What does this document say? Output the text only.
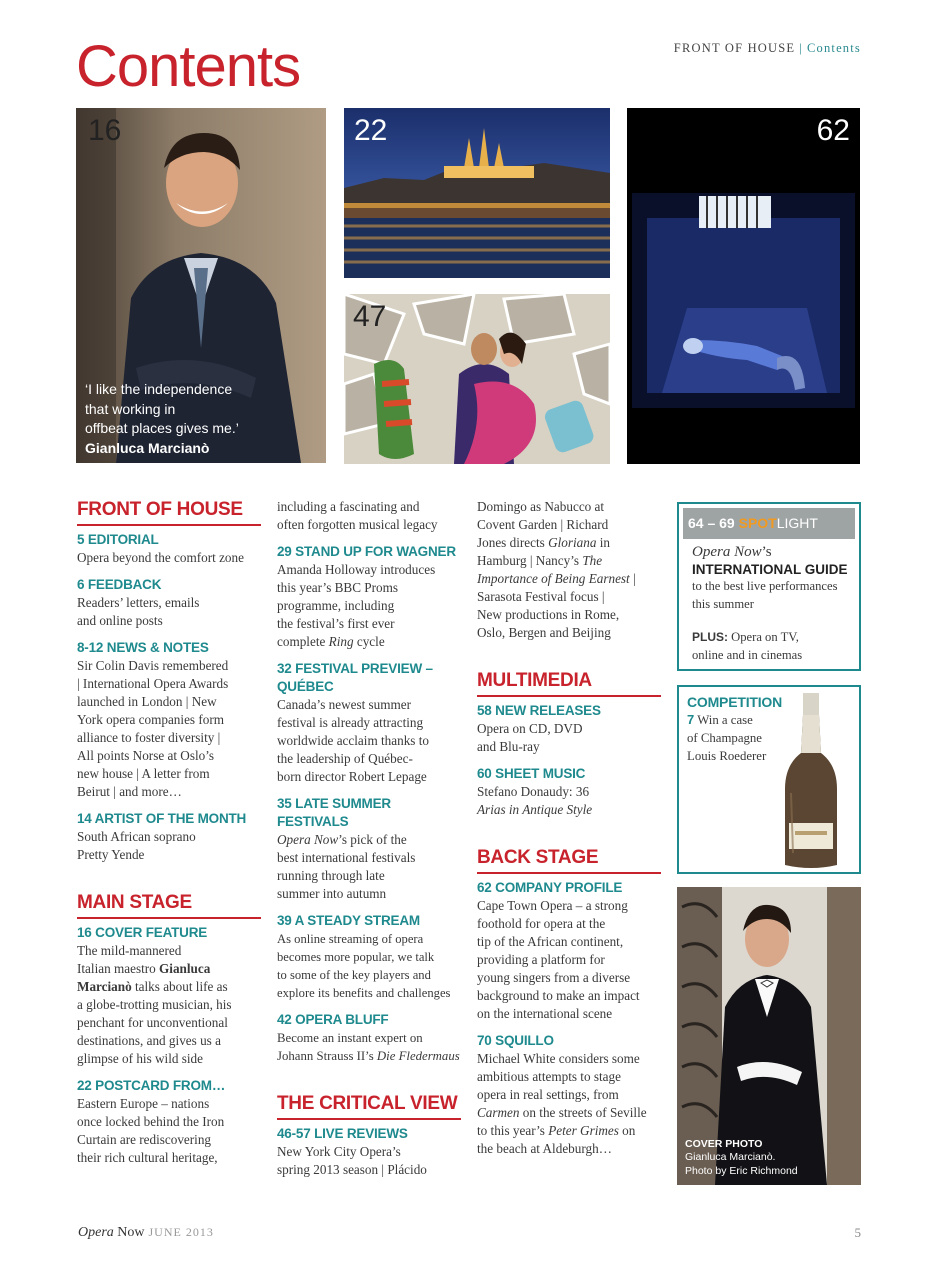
Contents	FRONT OF HOUSE | Contents
16
‘I like the independence
that working in
offbeat places gives me.’
Gianluca Marcianò
22
47
62
FRONT OF HOUSE
5 EDITORIAL
Opera beyond the comfort zone
6 FEEDBACK
Readers’ letters, emails
and online posts
8-12 NEWS & NOTES
Sir Colin Davis remembered
| International Opera Awards
launched in London | New
York opera companies form
alliance to foster diversity |
All points Norse at Oslo’s
new house | A letter from
Beirut | and more…
14 ARTIST OF THE MONTH
South African soprano
Pretty Yende
MAIN STAGE
16 COVER FEATURE
The mild-mannered
Italian maestro Gianluca
Marcianò talks about life as
a globe-trotting musician, his
penchant for unconventional
destinations, and gives us a
glimpse of his wild side
22 POSTCARD FROM…
Eastern Europe – nations
once locked behind the Iron
Curtain are rediscovering
their rich cultural heritage,
including a fascinating and
often forgotten musical legacy
29 STAND UP FOR WAGNER
Amanda Holloway introduces
this year’s BBC Proms
programme, including
the festival’s first ever
complete Ring cycle
32 FESTIVAL PREVIEW –
QUÉBEC
Canada’s newest summer
festival is already attracting
worldwide acclaim thanks to
the leadership of Québec-
born director Robert Lepage
35 LATE SUMMER FESTIVALS
Opera Now’s pick of the
best international festivals
running through late
summer into autumn
39 A STEADY STREAM
As online streaming of opera
becomes more popular, we talk
to some of the key players and
explore its benefits and challenges
42 OPERA BLUFF
Become an instant expert on
Johann Strauss II’s Die Fledermaus
THE CRITICAL VIEW
46-57 LIVE REVIEWS
New York City Opera’s
spring 2013 season | Plácido
Domingo as Nabucco at
Covent Garden | Richard
Jones directs Gloriana in
Hamburg | Nancy’s The
Importance of Being Earnest |
Sarasota Festival focus |
New productions in Rome,
Oslo, Bergen and Beijing
MULTIMEDIA
58 NEW RELEASES
Opera on CD, DVD
and Blu-ray
60 SHEET MUSIC
Stefano Donaudy: 36
Arias in Antique Style
BACK STAGE
62 COMPANY PROFILE
Cape Town Opera – a strong
foothold for opera at the
tip of the African continent,
providing a platform for
young singers from a diverse
background to make an impact
on the international scene
70 SQUILLO
Michael White considers some
ambitious attempts to stage
opera in real settings, from
Carmen on the streets of Seville
to this year’s Peter Grimes on
the beach at Aldeburgh…
64 – 69 SPOTLIGHT
Opera Now’s
INTERNATIONAL GUIDE
to the best live performances
this summer
PLUS: Opera on TV,
online and in cinemas
COMPETITION
7 Win a case
of Champagne
Louis Roederer
COVER PHOTO
Gianluca Marcianò.
Photo by Eric Richmond
Opera Now JUNE 2013	5
